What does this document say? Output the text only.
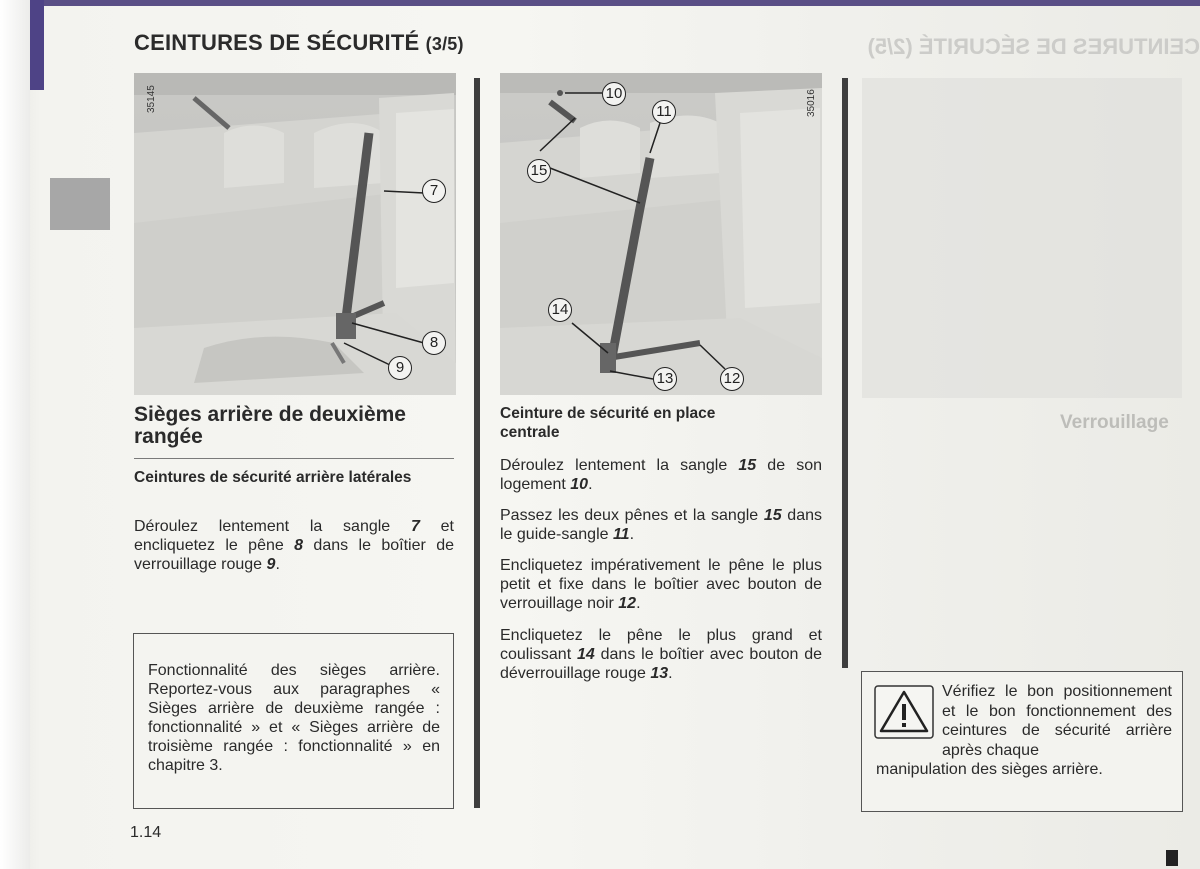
CEINTURES DE SÉCURITÉ (3/5)	CEINTURES DE SÉCURITÉ (2/5)
Verrouillage
35145
7
8
9
35016
10
11
15
14
13	12
Sièges arrière de deuxième rangée
Ceintures de sécurité arrière latérales
Déroulez lentement la sangle 7 et encliquetez le pêne 8 dans le boîtier de verrouillage rouge 9.
Fonctionnalité des sièges arrière. Reportez-vous aux paragraphes « Sièges arrière de deuxième rangée : fonctionnalité » et « Sièges arrière de troisième rangée : fonctionnalité » en chapitre 3.
Ceinture de sécurité en place centrale
Déroulez lentement la sangle 15 de son logement 10.
Passez les deux pênes et la sangle 15 dans le guide-sangle 11.
Encliquetez impérativement le pêne le plus petit et fixe dans le boîtier avec bouton de verrouillage noir 12.
Encliquetez le pêne le plus grand et coulissant 14 dans le boîtier avec bouton de déverrouillage rouge 13.
Vérifiez le bon positionnement et le bon fonctionnement des ceintures de sécurité arrière après chaque
manipulation des sièges arrière.
1.14
